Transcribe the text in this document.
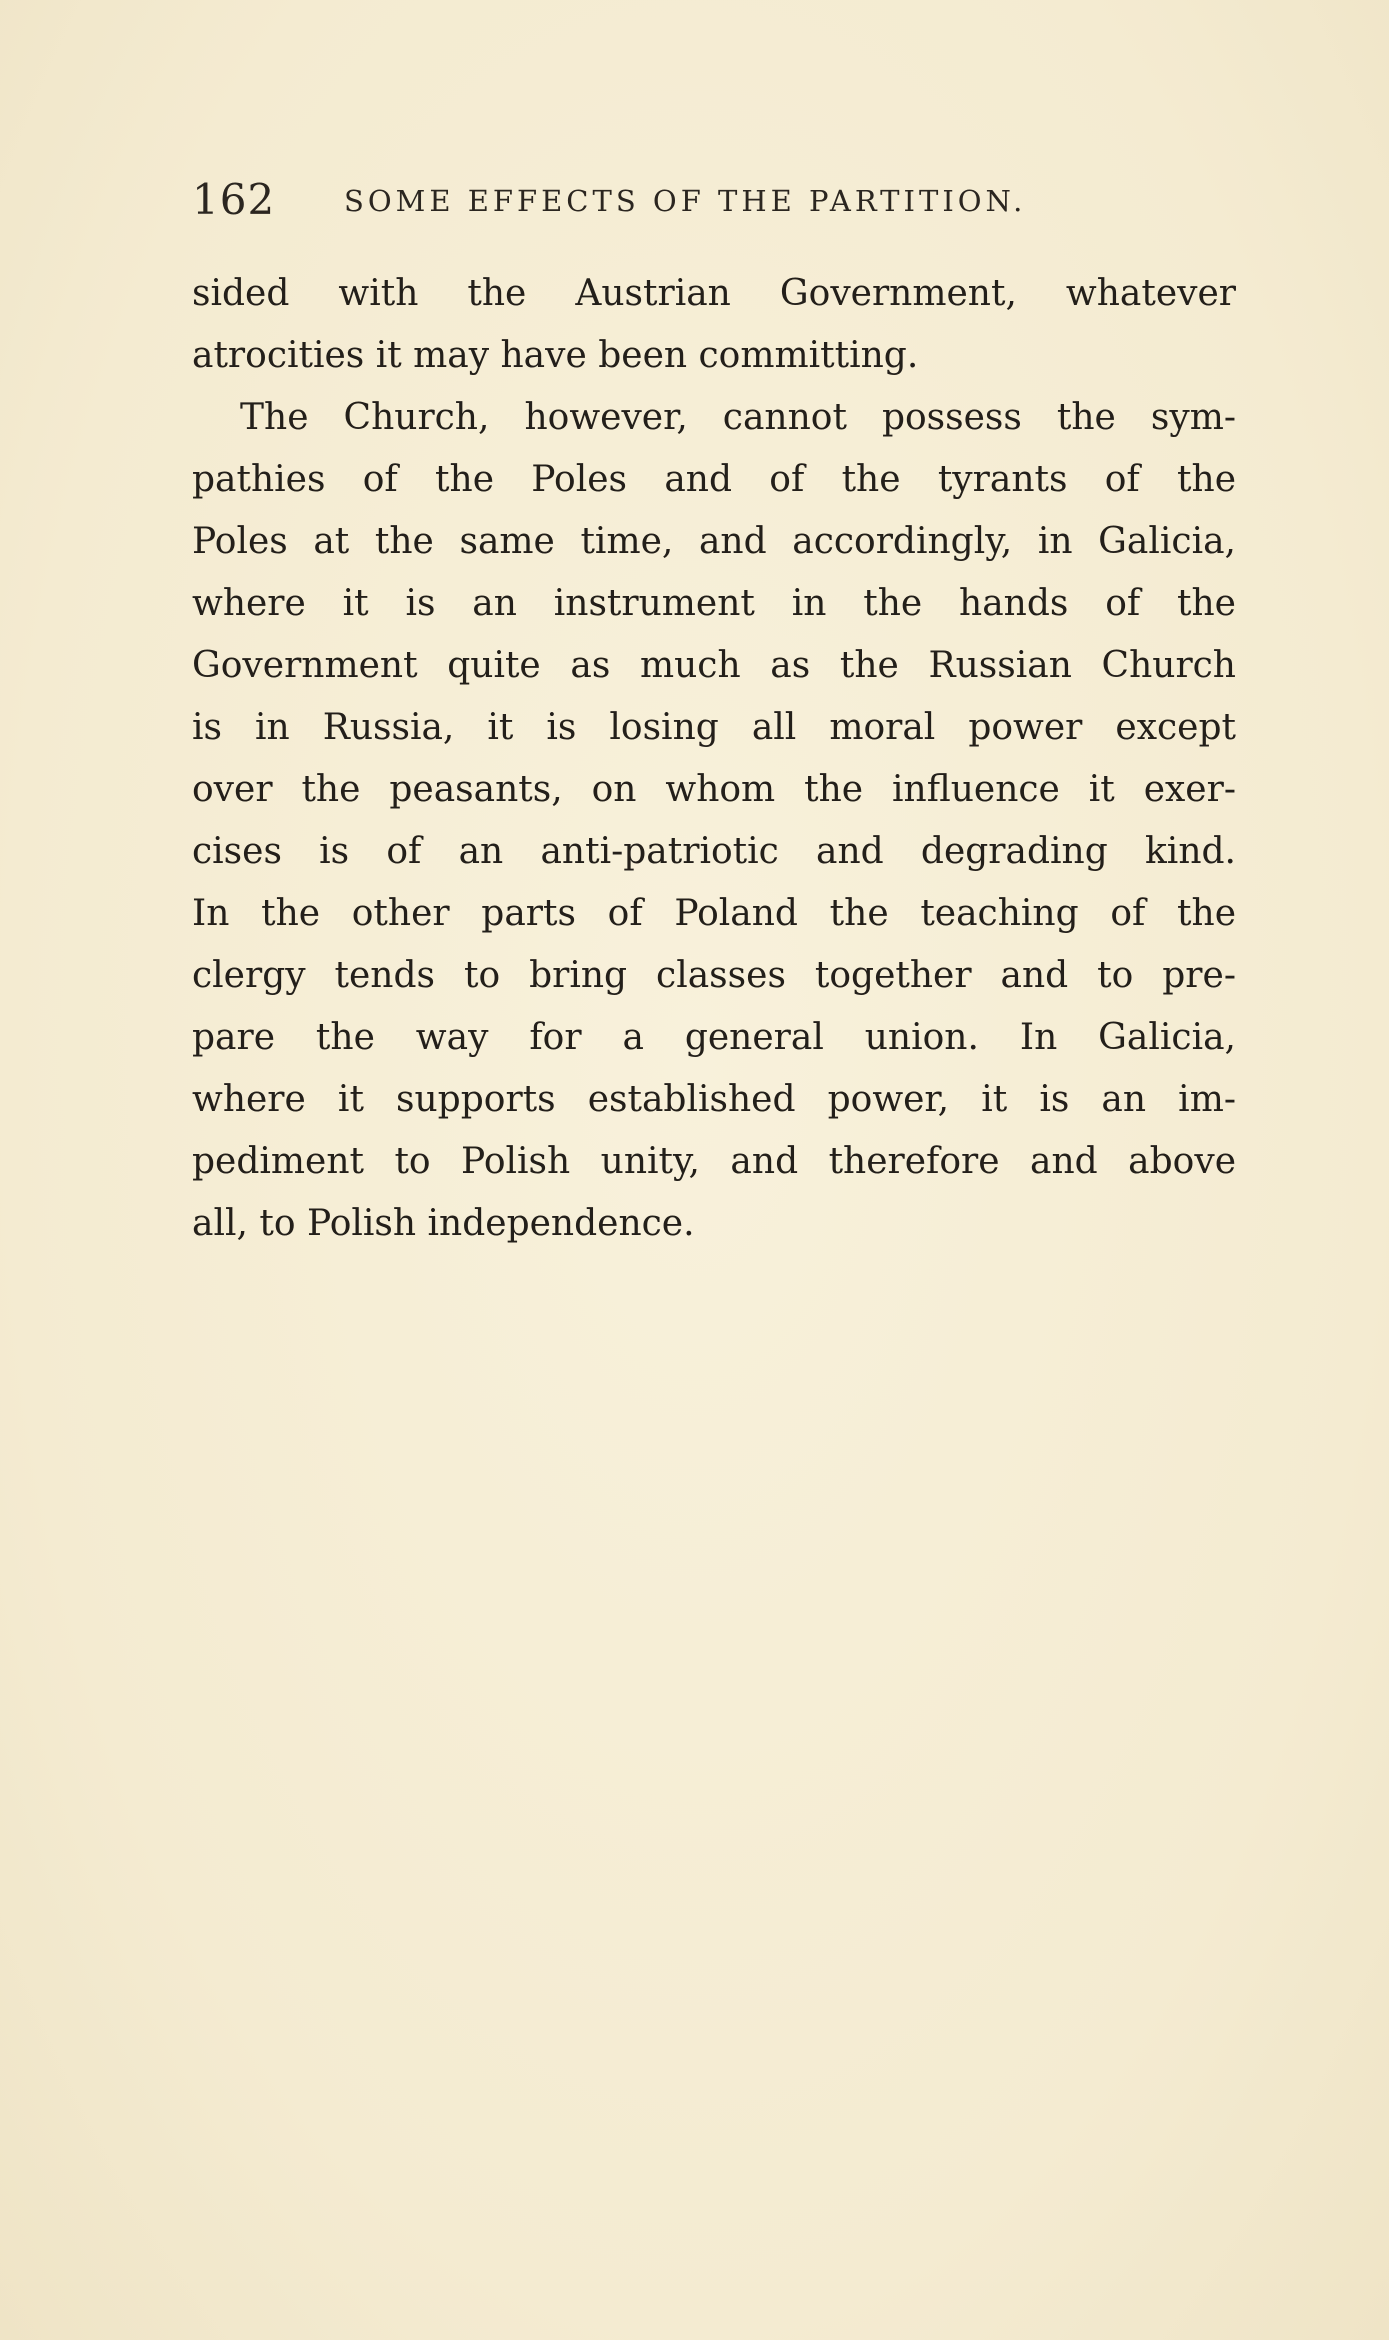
162 SOME EFFECTS OF THE PARTITION.
sided with the Austrian Government, whatever
atrocities it may have been committing.
The Church, however, cannot possess the sym-
pathies of the Poles and of the tyrants of the
Poles at the same time, and accordingly, in Galicia,
where it is an instrument in the hands of the
Government quite as much as the Russian Church
is in Russia, it is losing all moral power except
over the peasants, on whom the influence it exer-
cises is of an anti-patriotic and degrading kind.
In the other parts of Poland the teaching of the
clergy tends to bring classes together and to pre-
pare the way for a general union. In Galicia,
where it supports established power, it is an im-
pediment to Polish unity, and therefore and above
all, to Polish independence.
